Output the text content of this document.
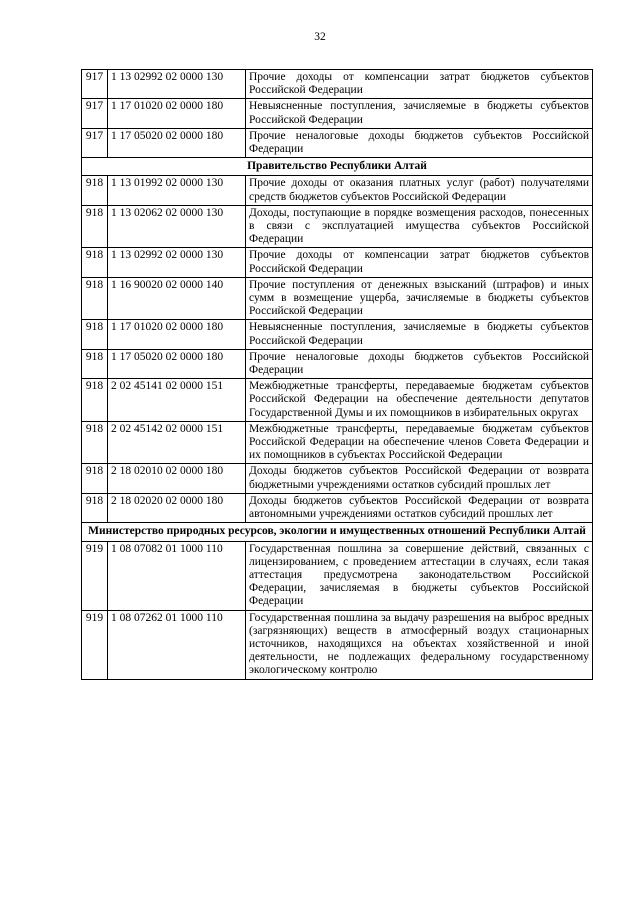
32
917	1 13 02992 02 0000 130	Прочие доходы от компенсации затрат бюджетов субъектов Российской Федерации
917	1 17 01020 02 0000 180	Невыясненные поступления, зачисляемые в бюджеты субъектов Российской Федерации
917	1 17 05020 02 0000 180	Прочие неналоговые доходы бюджетов субъектов Российской Федерации
Правительство Республики Алтай		
918	1 13 01992 02 0000 130	Прочие доходы от оказания платных услуг (работ) получателями средств бюджетов субъектов Российской Федерации
918	1 13 02062 02 0000 130	Доходы, поступающие в порядке возмещения расходов, понесенных в связи с эксплуатацией имущества субъектов Российской Федерации
918	1 13 02992 02 0000 130	Прочие доходы от компенсации затрат бюджетов субъектов Российской Федерации
918	1 16 90020 02 0000 140	Прочие поступления от денежных взысканий (штрафов) и иных сумм в возмещение ущерба, зачисляемые в бюджеты субъектов Российской Федерации
918	1 17 01020 02 0000 180	Невыясненные поступления, зачисляемые в бюджеты субъектов Российской Федерации
918	1 17 05020 02 0000 180	Прочие неналоговые доходы бюджетов субъектов Российской Федерации
918	2 02 45141 02 0000 151	Межбюджетные трансферты, передаваемые бюджетам субъектов Российской Федерации на обеспечение деятельности депутатов Государственной Думы и их помощников в избирательных округах
918	2 02 45142 02 0000 151	Межбюджетные трансферты, передаваемые бюджетам субъектов Российской Федерации на обеспечение членов Совета Федерации и их помощников в субъектах Российской Федерации
918	2 18 02010 02 0000 180	Доходы бюджетов субъектов Российской Федерации от возврата бюджетными учреждениями остатков субсидий прошлых лет
918	2 18 02020 02 0000 180	Доходы бюджетов субъектов Российской Федерации от возврата автономными учреждениями остатков субсидий прошлых лет
Министерство природных ресурсов, экологии и имущественных отношений Республики Алтай		
919	1 08 07082 01 1000 110	Государственная пошлина за совершение действий, связанных с лицензированием, с проведением аттестации в случаях, если такая аттестация предусмотрена законодательством Российской Федерации, зачисляемая в бюджеты субъектов Российской Федерации
919	1 08 07262 01 1000 110	Государственная пошлина за выдачу разрешения на выброс вредных (загрязняющих) веществ в атмосферный воздух стационарных источников, находящихся на объектах хозяйственной и иной деятельности, не подлежащих федеральному государственному экологическому контролю
